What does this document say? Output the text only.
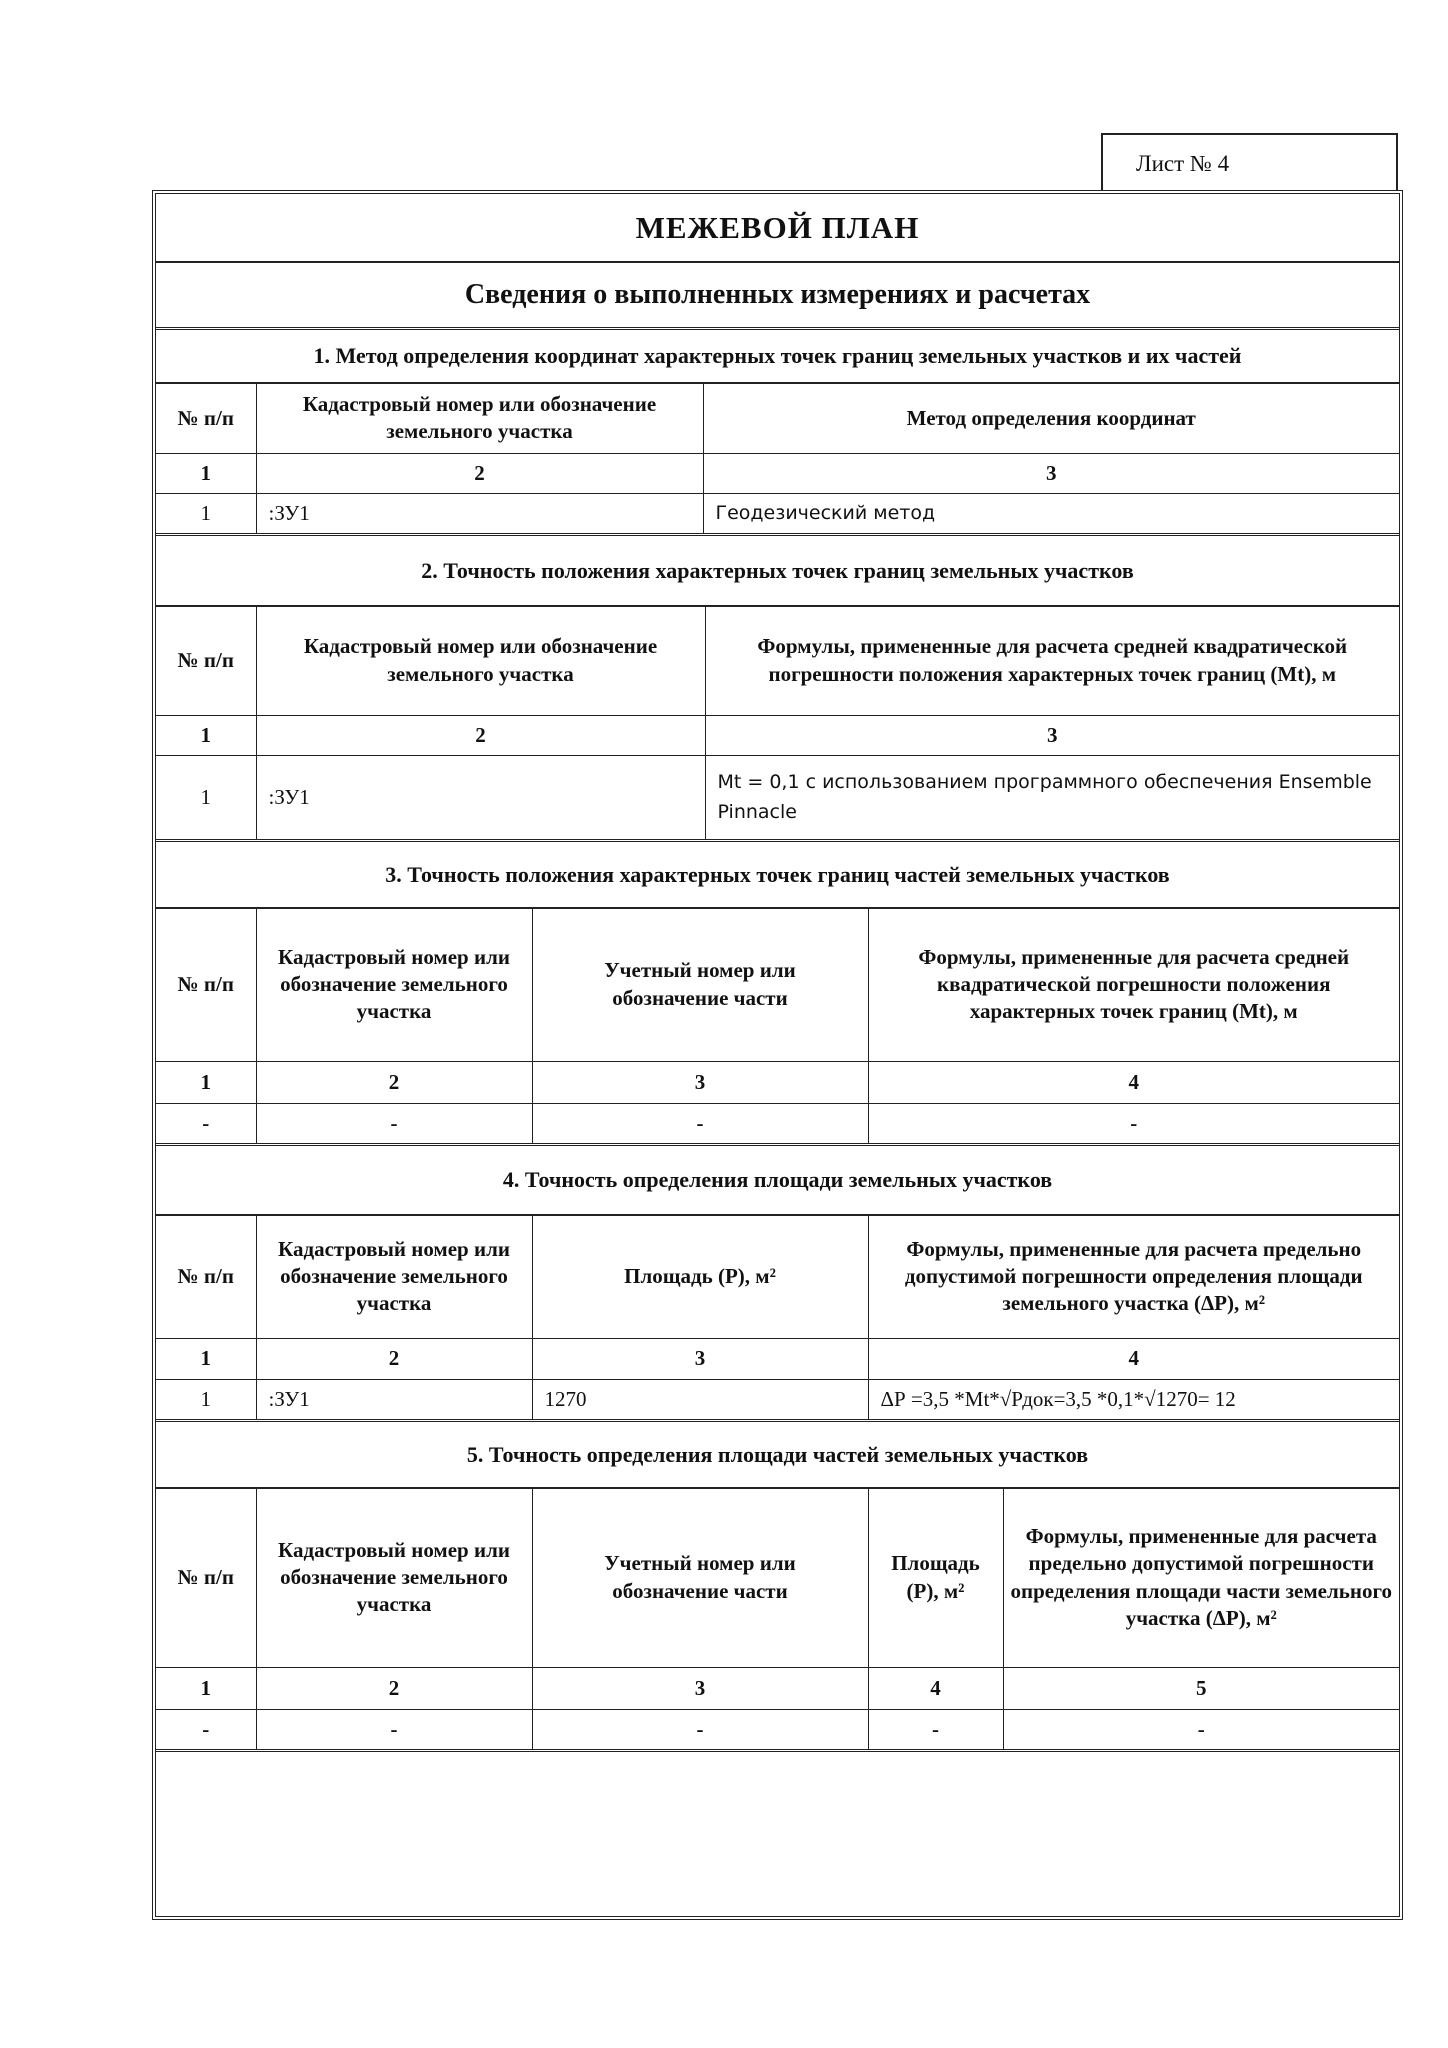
Лист № 4
МЕЖЕВОЙ ПЛАН
Сведения о выполненных измерениях и расчетах
1. Метод определения координат характерных точек границ земельных участков и их частей
№ п/п	Кадастровый номер или обозначение земельного участка	Метод определения координат
1	2	3
1	:ЗУ1	Геодезический метод
2. Точность положения характерных точек границ земельных участков
№ п/п	Кадастровый номер или обозначение земельного участка	Формулы, примененные для расчета средней квадратической погрешности положения характерных точек границ (Mt), м
1	2	3
1	:ЗУ1	Mt = 0,1 с использованием программного обеспечения Ensemble Pinnacle
3. Точность положения характерных точек границ частей земельных участков
№ п/п	Кадастровый номер или обозначение земельного участка	Учетный номер или обозначение части	Формулы, примененные для расчета средней квадратической погрешности положения характерных точек границ (Mt), м
1	2	3	4
-	-	-	-
4. Точность определения площади земельных участков
№ п/п	Кадастровый номер или обозначение земельного участка	Площадь (Р), м²	Формулы, примененные для расчета предельно допустимой погрешности определения площади земельного участка (ΔР), м²
1	2	3	4
1	:ЗУ1	1270	ΔР =3,5 *Mt*√Рдок=3,5 *0,1*√1270= 12
5. Точность определения площади частей земельных участков
№ п/п	Кадастровый номер или обозначение земельного участка	Учетный номер или обозначение части	Площадь (Р), м²	Формулы, примененные для расчета предельно допустимой погрешности определения площади части земельного участка (ΔР), м²
1	2	3	4	5
-	-	-	-	-
